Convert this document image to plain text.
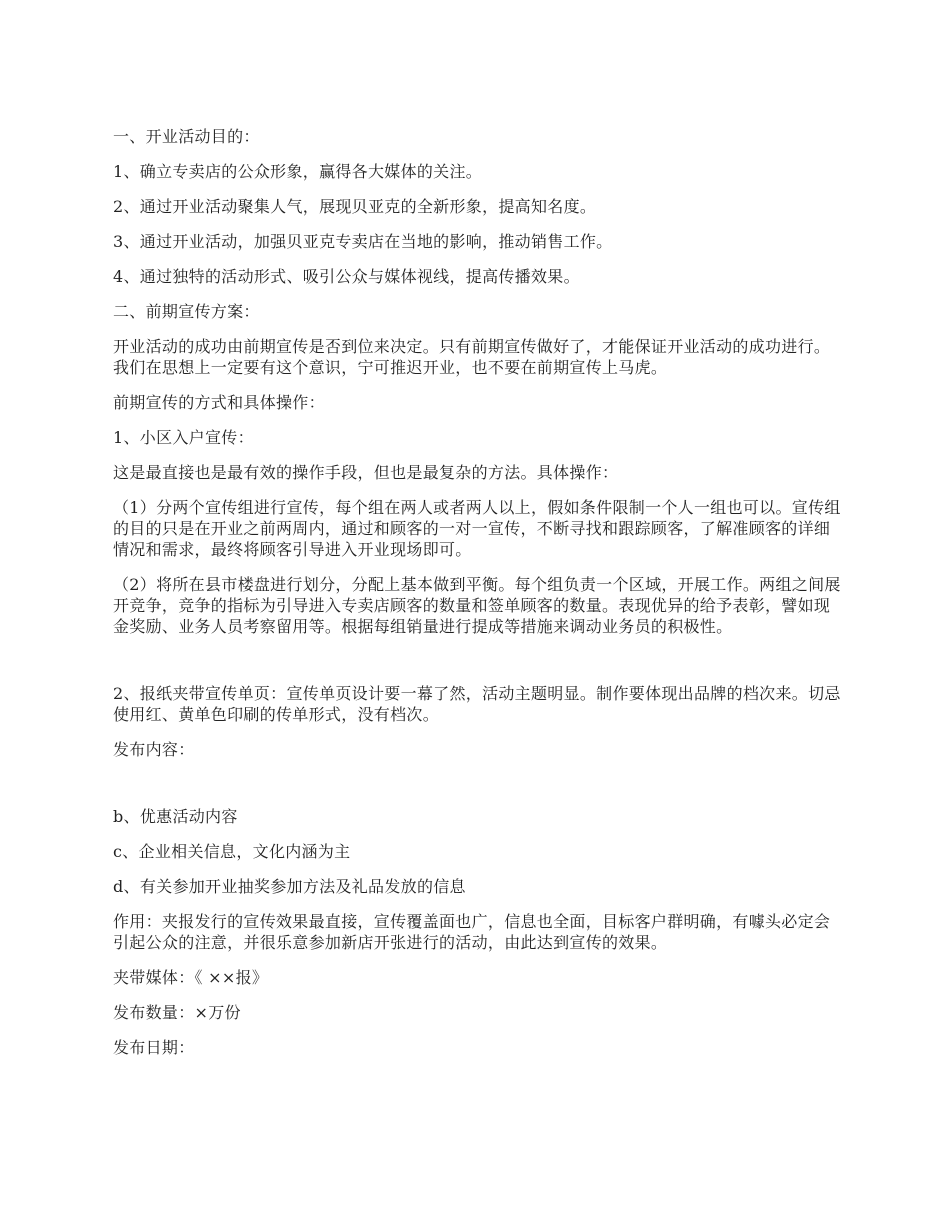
一、开业活动目的：

1、确立专卖店的公众形象，赢得各大媒体的关注。

2、通过开业活动聚集人气，展现贝亚克的全新形象，提高知名度。

3、通过开业活动，加强贝亚克专卖店在当地的影响，推动销售工作。

4、通过独特的活动形式、吸引公众与媒体视线，提高传播效果。

二、前期宣传方案：

开业活动的成功由前期宣传是否到位来决定。只有前期宣传做好了，才能保证开业活动的成功进行。我们在思想上一定要有这个意识，宁可推迟开业，也不要在前期宣传上马虎。

前期宣传的方式和具体操作：

1、小区入户宣传：

这是最直接也是最有效的操作手段，但也是最复杂的方法。具体操作：

（1）分两个宣传组进行宣传，每个组在两人或者两人以上，假如条件限制一个人一组也可以。宣传组的目的只是在开业之前两周内，通过和顾客的一对一宣传，不断寻找和跟踪顾客，了解准顾客的详细情况和需求，最终将顾客引导进入开业现场即可。

（2）将所在县市楼盘进行划分，分配上基本做到平衡。每个组负责一个区域，开展工作。两组之间展开竞争，竞争的指标为引导进入专卖店顾客的数量和签单顾客的数量。表现优异的给予表彰，譬如现金奖励、业务人员考察留用等。根据每组销量进行提成等措施来调动业务员的积极性。

2、报纸夹带宣传单页：宣传单页设计要一幕了然，活动主题明显。制作要体现出品牌的档次来。切忌使用红、黄单色印刷的传单形式，没有档次。

发布内容：

b、优惠活动内容

c、企业相关信息，文化内涵为主

d、有关参加开业抽奖参加方法及礼品发放的信息

作用：夹报发行的宣传效果最直接，宣传覆盖面也广，信息也全面，目标客户群明确，有噱头必定会引起公众的注意，并很乐意参加新店开张进行的活动，由此达到宣传的效果。

夹带媒体：《 ××报》

发布数量：×万份

发布日期：
